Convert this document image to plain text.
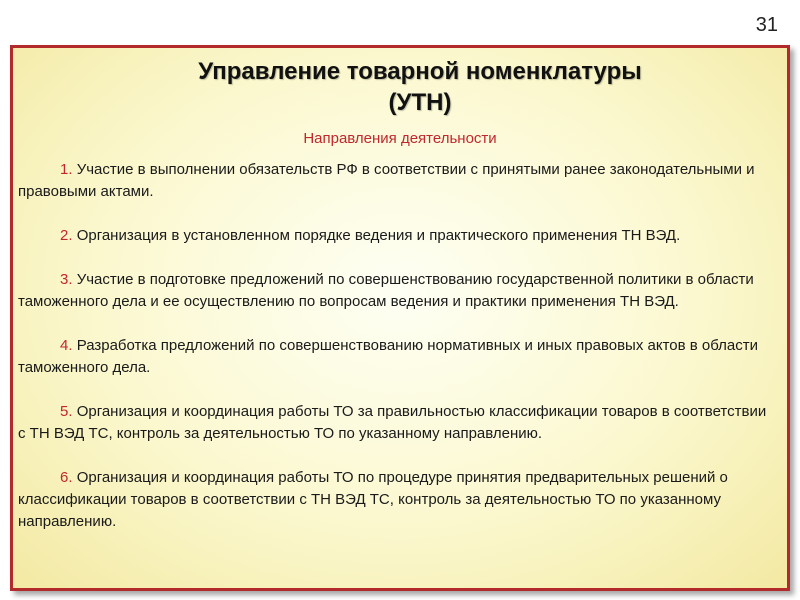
31
Управление товарной номенклатуры
(УТН)
Направления деятельности
1. Участие в выполнении обязательств РФ в соответствии с принятыми ранее законодательными и правовыми актами.
2. Организация в установленном порядке ведения и практического применения ТН ВЭД.
3. Участие в подготовке предложений по совершенствованию государственной политики в области таможенного дела и ее осуществлению по вопросам ведения и практики применения ТН ВЭД.
4. Разработка предложений по совершенствованию нормативных и иных правовых актов в области таможенного дела.
5. Организация и координация работы ТО за правильностью классификации товаров в соответствии с ТН ВЭД ТС, контроль за деятельностью ТО по указанному направлению.
6. Организация и координация работы ТО по процедуре принятия предварительных решений о классификации товаров в соответствии с ТН ВЭД ТС, контроль за деятельностью ТО по указанному направлению.
